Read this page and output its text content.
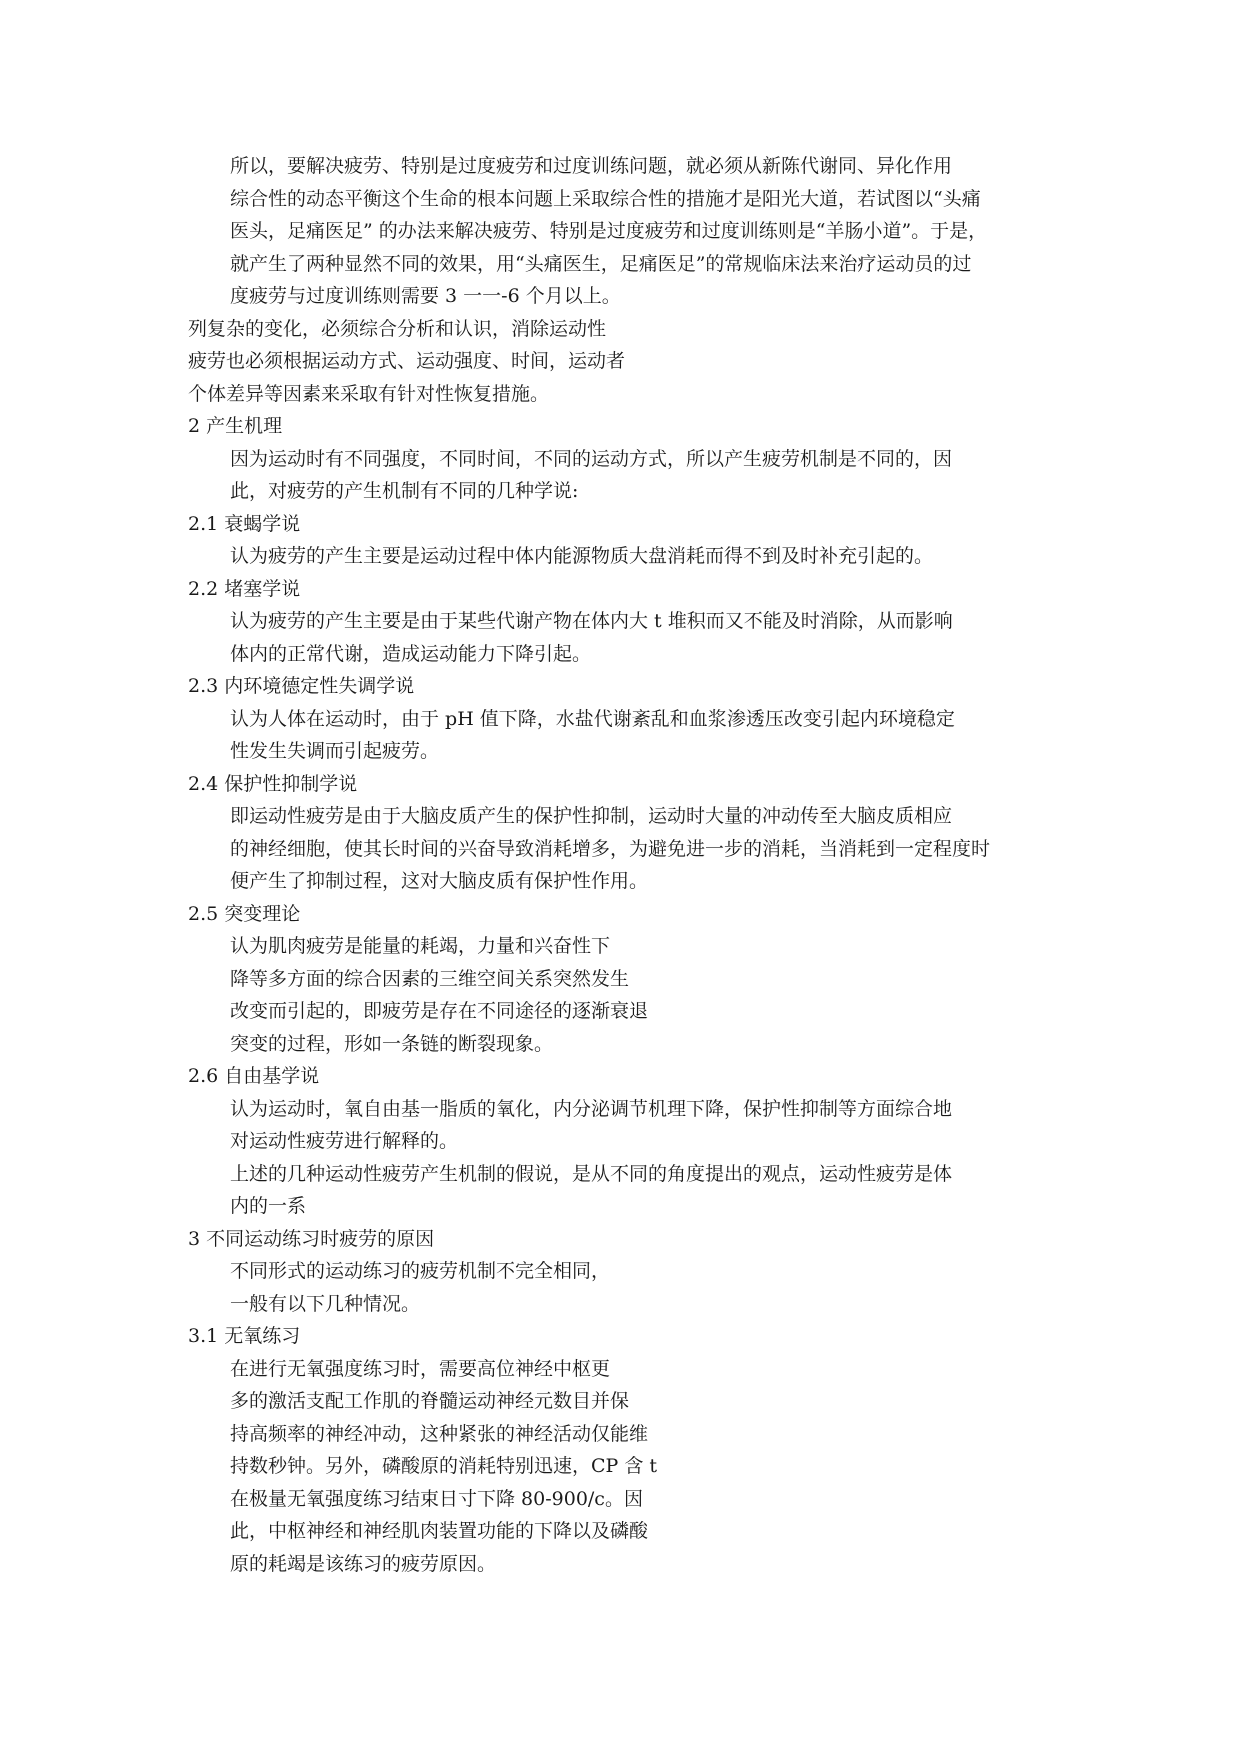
所以，要解决疲劳、特别是过度疲劳和过度训练问题，就必须从新陈代谢同、异化作用
综合性的动态平衡这个生命的根本问题上采取综合性的措施才是阳光大道，若试图以“头痛
医头，足痛医足” 的办法来解决疲劳、特别是过度疲劳和过度训练则是“羊肠小道”。于是，
就产生了两种显然不同的效果，用“头痛医生，足痛医足”的常规临床法来治疗运动员的过
度疲劳与过度训练则需要 3 一一-6 个月以上。
列复杂的变化，必须综合分析和认识，消除运动性
疲劳也必须根据运动方式、运动强度、时间，运动者
个体差异等因素来采取有针对性恢复措施。
2 产生机理
因为运动时有不同强度，不同时间，不同的运动方式，所以产生疲劳机制是不同的，因
此，对疲劳的产生机制有不同的几种学说:
2.1 衰蝎学说
认为疲劳的产生主要是运动过程中体内能源物质大盘消耗而得不到及时补充引起的。
2.2 堵塞学说
认为疲劳的产生主要是由于某些代谢产物在体内大 t 堆积而又不能及时消除，从而影响
体内的正常代谢，造成运动能力下降引起。
2.3 内环境德定性失调学说
认为人体在运动时，由于 pH 值下降，水盐代谢紊乱和血浆渗透压改变引起内环境稳定
性发生失调而引起疲劳。
2.4 保护性抑制学说
即运动性疲劳是由于大脑皮质产生的保护性抑制，运动时大量的冲动传至大脑皮质相应
的神经细胞，使其长时间的兴奋导致消耗增多，为避免进一步的消耗，当消耗到一定程度时
便产生了抑制过程，这对大脑皮质有保护性作用。
2.5 突变理论
认为肌肉疲劳是能量的耗竭，力量和兴奋性下
降等多方面的综合因素的三维空间关系突然发生
改变而引起的，即疲劳是存在不同途径的逐渐衰退
突变的过程，形如一条链的断裂现象。
2.6 自由基学说
认为运动时，氧自由基一脂质的氧化，内分泌调节机理下降，保护性抑制等方面综合地
对运动性疲劳进行解释的。
上述的几种运动性疲劳产生机制的假说，是从不同的角度提出的观点，运动性疲劳是体
内的一系
3 不同运动练习时疲劳的原因
不同形式的运动练习的疲劳机制不完全相同，
一般有以下几种情况。
3.1 无氧练习
在进行无氧强度练习时，需要高位神经中枢更
多的激活支配工作肌的脊髓运动神经元数目并保
持高频率的神经冲动，这种紧张的神经活动仅能维
持数秒钟。另外，磷酸原的消耗特别迅速，CP 含 t
在极量无氧强度练习结束日寸下降 80-900/c。因
此，中枢神经和神经肌肉装置功能的下降以及磷酸
原的耗竭是该练习的疲劳原因。
